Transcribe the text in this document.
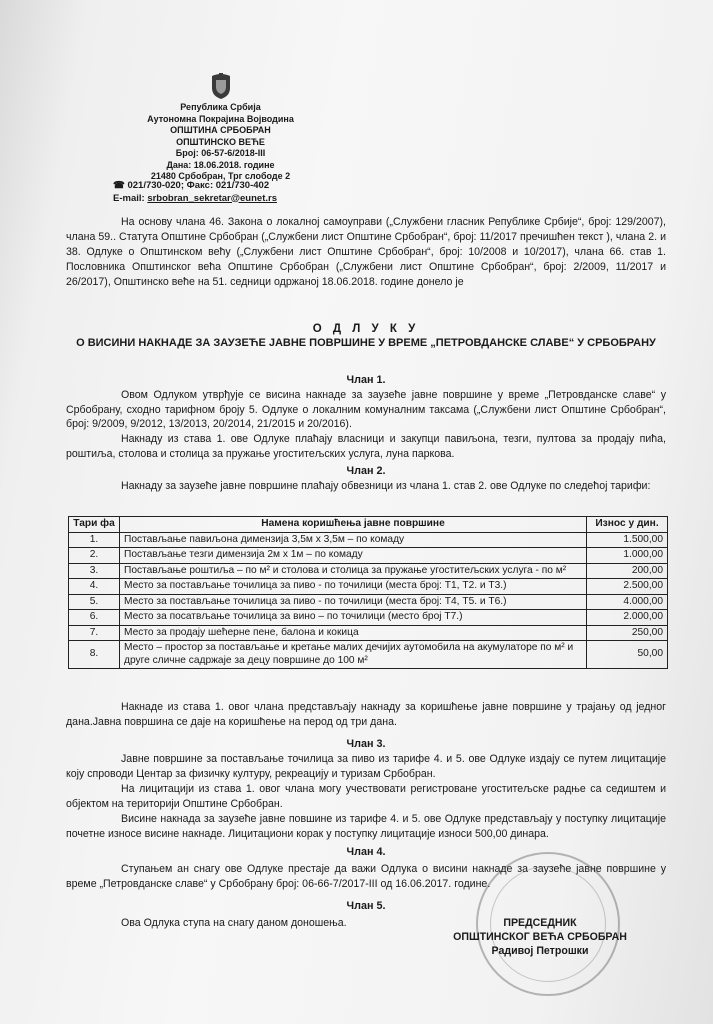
Република Србија
Аутономна Покрајина Војводина
ОПШТИНА СРБОБРАН
ОПШТИНСКО ВЕЋЕ
Број: 06-57-6/2018-III
Дана: 18.06.2018. године
21480 Србобран, Трг слободе 2
☎ 021/730-020; Факс: 021/730-402
E-mail: srbobran_sekretar@eunet.rs
На основу члана 46. Закона о локалној самоуправи („Службени гласник Републике Србије“, број: 129/2007), члана 59.. Статута Општине Србобран („Службени лист Општине Србобран“, број: 11/2017 пречишћен текст ), члана 2. и 38. Одлуке о Општинском већу („Службени лист Општине Србобран“, број: 10/2008 и 10/2017), члана 66. став 1. Пословника Општинског већа Општине Србобран („Службени лист Општине Србобран“, број: 2/2009, 11/2017 и 26/2017), Општинско веће на 51. седници одржаној 18.06.2018. године донело је
О Д Л У К У
О ВИСИНИ НАКНАДЕ ЗА ЗАУЗЕЋЕ ЈАВНЕ ПОВРШИНЕ У ВРЕМЕ „ПЕТРОВДАНСКЕ СЛАВЕ“ У СРБОБРАНУ
Члан 1.
Овом Одлуком утврђује се висина накнаде за заузеће јавне површине у време „Петровданске славе“ у Србобрану, сходно тарифном броју 5. Одлуке о локалним комуналним таксама („Службени лист Општине Србобран“, број: 9/2009, 9/2012, 13/2013, 20/2014, 21/2015 и 20/2016).
Накнаду из става 1. ове Одлуке плаћају власници и закупци павиљона, тезги, пултова за продају пића, роштиља, столова и столица за пружање угоститељских услуга, луна паркова.
Члан 2.
Накнаду за заузеће јавне површине плаћају обвезници из члана 1. став 2. ове Одлуке по следећој тарифи:
Тари фа	Намена коришћења јавне површине	Износ у дин.
1.	Постављање павиљона димензија 3,5м х 3,5м – по комаду	1.500,00
2.	Постављање тезги димензија 2м х 1м – по комаду	1.000,00
3.	Постављање роштиља – по м² и столова и столица за пружање угоститељских услуга - по м²	200,00
4.	Место за постављање точилица за пиво - по точилици (места број: Т1, Т2. и Т3.)	2.500,00
5.	Место за постављање точилица за пиво - по точилици (места број: Т4, Т5. и Т6.)	4.000,00
6.	Место за посатвљање точилица за вино – по точилици (место број Т7.)	2.000,00
7.	Место за продају шећерне пене, балона и кокица	250,00
8.	Место – простор за постављање и кретање малих дечијих аутомобила на акумулаторе по м² и друге сличне садржаје за децу површине до 100 м²	50,00
Накнаде из става 1. овог члана представљају накнаду за коришћење јавне површине у трајању од једног дана.Јавна површина се даје на коришћење на перод од три дана.
Члан 3.
Јавне површине за постављање точилица за пиво из тарифе 4. и 5. ове Одлуке издају се путем лицитације коју спроводи Центар за физичку културу, рекреацију и туризам Србобран.
На лицитацији из става 1. овог члана могу учествовати регистроване угоститељске радње са седиштем и објектом на територији Општине Србобран.
Висине накнада за заузеће јавне повшине из тарифе 4. и 5. ове Одлуке представљају у поступку лицитације почетне износе висине накнаде. Лицитациони корак у поступку лицитације износи 500,00 динара.
Члан 4.
Ступањем ан снагу ове Одлуке престаје да важи Одлука о висини накнаде за заузеће јавне површине у време „Петровданске славе“ у Србобрану број: 06-66-7/2017-III од 16.06.2017. године.
Члан 5.
Ова Одлука ступа на снагу даном доношења.	ПРЕДСЕДНИК
ОПШТИНСКОГ ВЕЋА СРБОБРАН
Радивој Петрошки
